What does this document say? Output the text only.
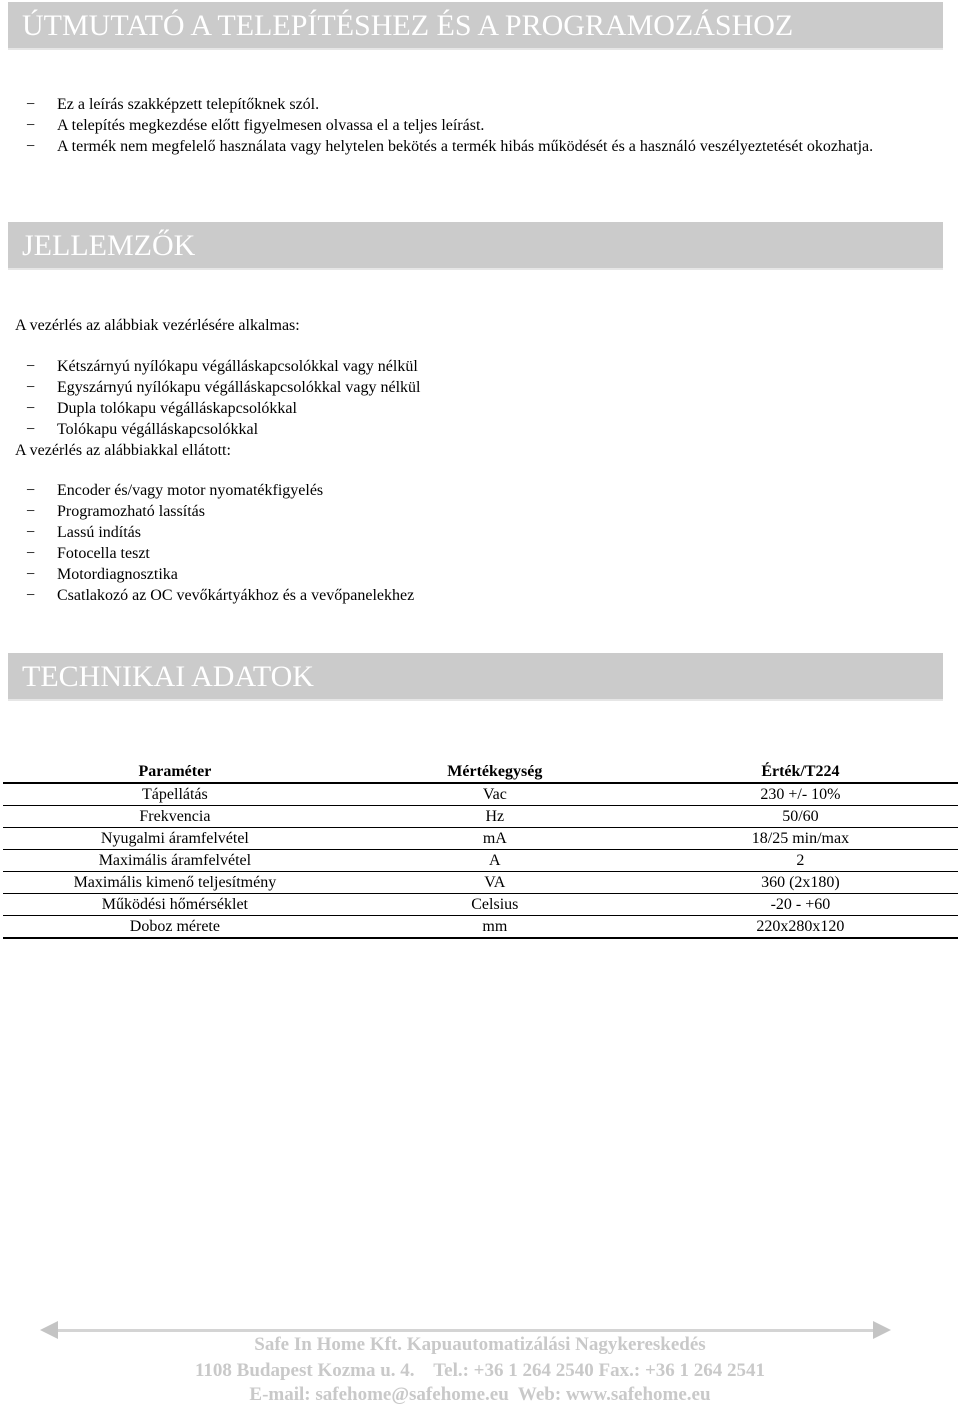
ÚTMUTATÓ A TELEPÍTÉSHEZ ÉS A PROGRAMOZÁSHOZ
− Ez a leírás szakképzett telepítőknek szól.
− A telepítés megkezdése előtt figyelmesen olvassa el a teljes leírást.
− A termék nem megfelelő használata vagy helytelen bekötés a termék hibás működését és a használó veszélyeztetését okozhatja.
JELLEMZŐK
A vezérlés az alábbiak vezérlésére alkalmas:
− Kétszárnyú nyílókapu végálláskapcsolókkal vagy nélkül
− Egyszárnyú nyílókapu végálláskapcsolókkal vagy nélkül
− Dupla tolókapu végálláskapcsolókkal
− Tolókapu végálláskapcsolókkal
A vezérlés az alábbiakkal ellátott:
− Encoder és/vagy motor nyomatékfigyelés
− Programozható lassítás
− Lassú indítás
− Fotocella teszt
− Motordiagnosztika
− Csatlakozó az OC vevőkártyákhoz és a vevőpanelekhez
TECHNIKAI ADATOK
Paraméter	Mértékegység	Érték/T224
Tápellátás	Vac	230 +/- 10%
Frekvencia	Hz	50/60
Nyugalmi áramfelvétel	mA	18/25 min/max
Maximális áramfelvétel	A	2
Maximális kimenő teljesítmény	VA	360 (2x180)
Működési hőmérséklet	Celsius	-20 - +60
Doboz mérete	mm	220x280x120
Safe In Home Kft. Kapuautomatizálási Nagykereskedés
1108 Budapest Kozma u. 4.    Tel.: +36 1 264 2540 Fax.: +36 1 264 2541
E-mail: safehome@safehome.eu  Web: www.safehome.eu
